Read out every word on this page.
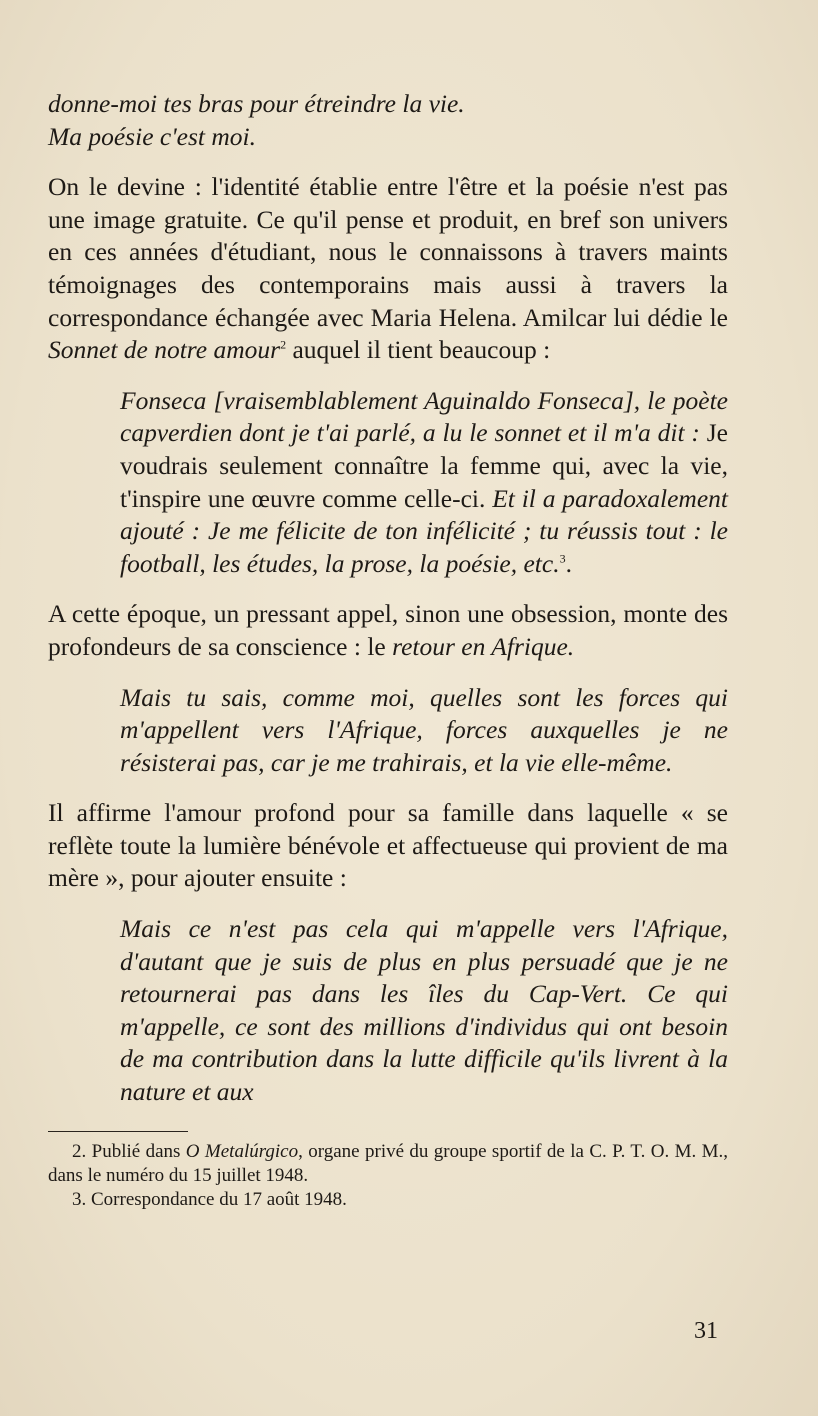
donne-moi tes bras pour étreindre la vie.

Ma poésie c'est moi.

On le devine : l'identité établie entre l'être et la poésie n'est pas une image gratuite. Ce qu'il pense et produit, en bref son univers en ces années d'étudiant, nous le connaissons à travers maints témoignages des contemporains mais aussi à travers la correspondance échangée avec Maria Helena. Amilcar lui dédie le Sonnet de notre amour$^2$ auquel il tient beaucoup :

Fonseca [vraisemblablement Aguinaldo Fonseca], le poète capverdien dont je t'ai parlé, a lu le sonnet et il m'a dit : Je voudrais seulement connaître la femme qui, avec la vie, t'inspire une œuvre comme celle-ci. Et il a paradoxalement ajouté : Je me félicite de ton infélicité ; tu réussis tout : le football, les études, la prose, la poésie, etc.$^3$.

A cette époque, un pressant appel, sinon une obsession, monte des profondeurs de sa conscience : le retour en Afrique.

Mais tu sais, comme moi, quelles sont les forces qui m'appellent vers l'Afrique, forces auxquelles je ne résisterai pas, car je me trahirais, et la vie elle-même.

Il affirme l'amour profond pour sa famille dans laquelle « se reflète toute la lumière bénévole et affectueuse qui provient de ma mère », pour ajouter ensuite :

Mais ce n'est pas cela qui m'appelle vers l'Afrique, d'autant que je suis de plus en plus persuadé que je ne retournerai pas dans les îles du Cap-Vert. Ce qui m'appelle, ce sont des millions d'individus qui ont besoin de ma contribution dans la lutte difficile qu'ils livrent à la nature et aux

2. Publié dans O Metalúrgico, organe privé du groupe sportif de la C. P. T. O. M. M., dans le numéro du 15 juillet 1948.

3. Correspondance du 17 août 1948.

31
